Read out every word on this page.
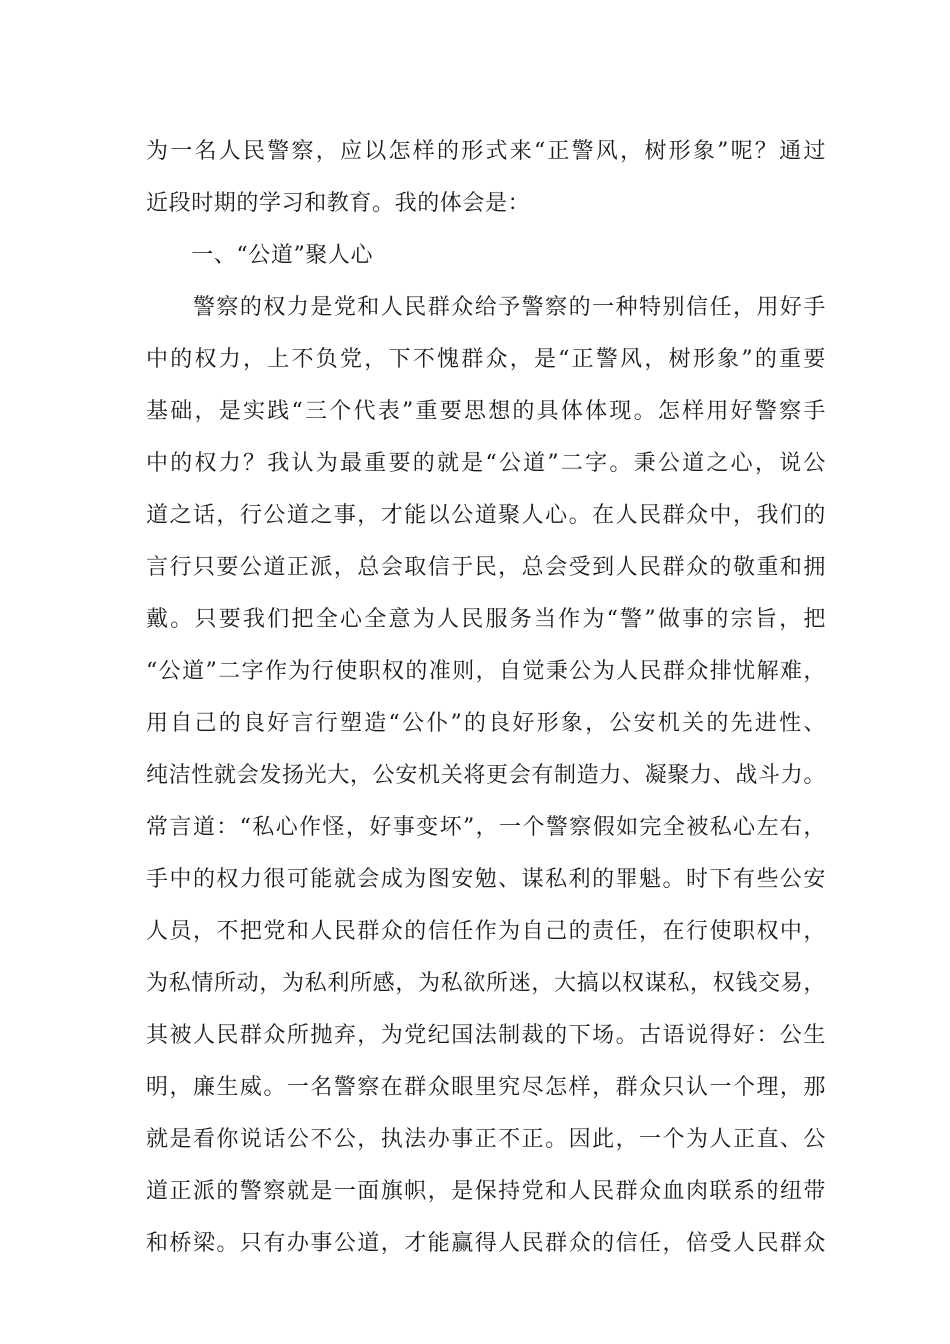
为一名人民警察，应以怎样的形式来“正警风，树形象”呢？通过
近段时期的学习和教育。我的体会是：
　　一、“公道”聚人心
　　警察的权力是党和人民群众给予警察的一种特别信任，用好手
中的权力，上不负党，下不愧群众，是“正警风，树形象”的重要
基础，是实践“三个代表”重要思想的具体体现。怎样用好警察手
中的权力？我认为最重要的就是“公道”二字。秉公道之心，说公
道之话，行公道之事，才能以公道聚人心。在人民群众中，我们的
言行只要公道正派，总会取信于民，总会受到人民群众的敬重和拥
戴。只要我们把全心全意为人民服务当作为“警”做事的宗旨，把
“公道”二字作为行使职权的准则，自觉秉公为人民群众排忧解难，
用自己的良好言行塑造“公仆”的良好形象，公安机关的先进性、
纯洁性就会发扬光大，公安机关将更会有制造力、凝聚力、战斗力。
常言道：“私心作怪，好事变坏”，一个警察假如完全被私心左右，
手中的权力很可能就会成为图安勉、谋私利的罪魁。时下有些公安
人员，不把党和人民群众的信任作为自己的责任，在行使职权中，
为私情所动，为私利所感，为私欲所迷，大搞以权谋私，权钱交易，
其被人民群众所抛弃，为党纪国法制裁的下场。古语说得好：公生
明，廉生威。一名警察在群众眼里究尽怎样，群众只认一个理，那
就是看你说话公不公，执法办事正不正。因此，一个为人正直、公
道正派的警察就是一面旗帜，是保持党和人民群众血肉联系的纽带
和桥梁。只有办事公道，才能赢得人民群众的信任，倍受人民群众
